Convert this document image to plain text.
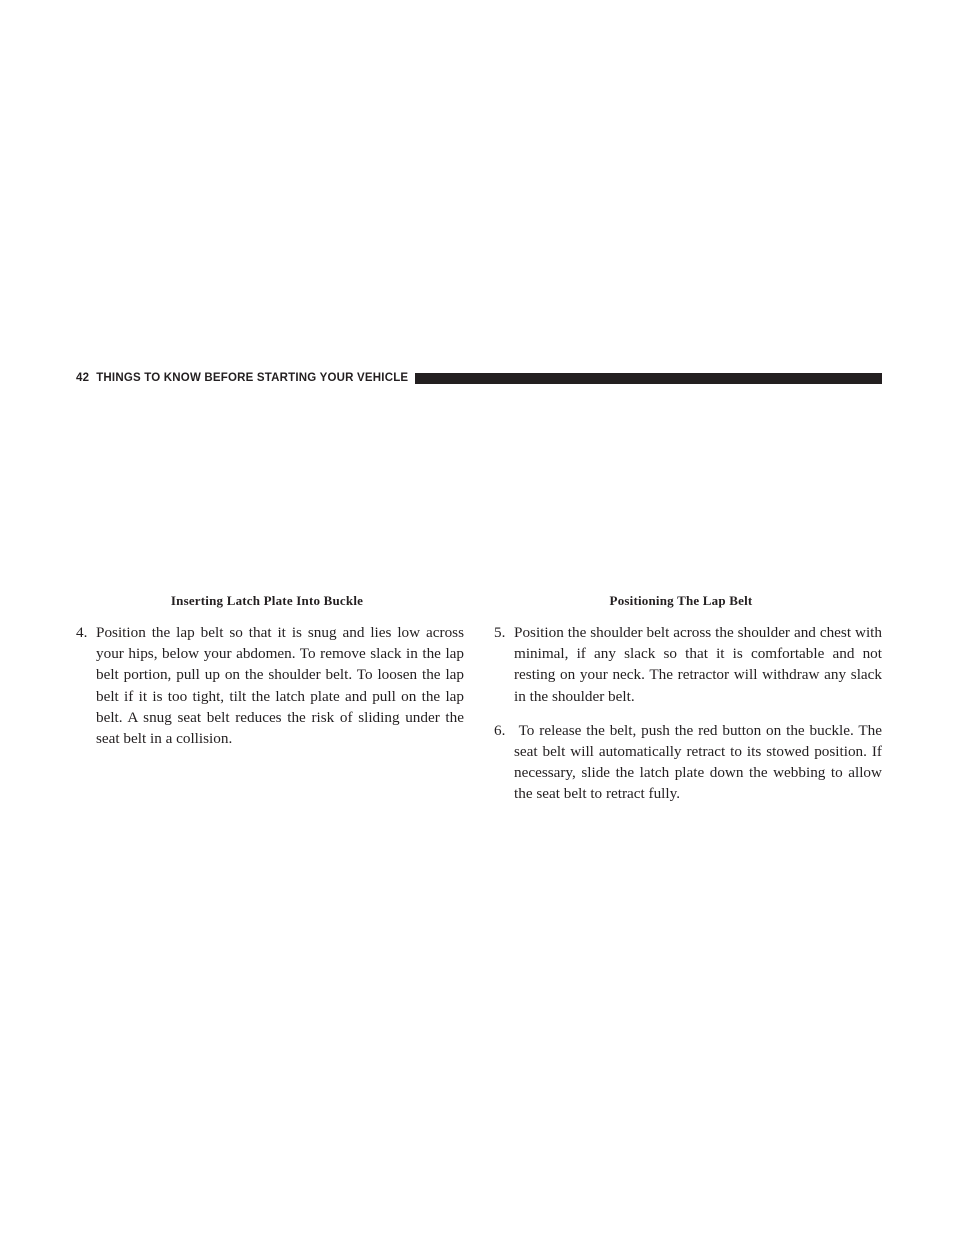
42 THINGS TO KNOW BEFORE STARTING YOUR VEHICLE
Inserting Latch Plate Into Buckle

4. Position the lap belt so that it is snug and lies low across your hips, below your abdomen. To remove slack in the lap belt portion, pull up on the shoulder belt. To loosen the lap belt if it is too tight, tilt the latch plate and pull on the lap belt. A snug seat belt reduces the risk of sliding under the seat belt in a collision.

Positioning The Lap Belt

5. Position the shoulder belt across the shoulder and chest with minimal, if any slack so that it is comfortable and not resting on your neck. The retractor will withdraw any slack in the shoulder belt.

6. To release the belt, push the red button on the buckle. The seat belt will automatically retract to its stowed position. If necessary, slide the latch plate down the webbing to allow the seat belt to retract fully.
